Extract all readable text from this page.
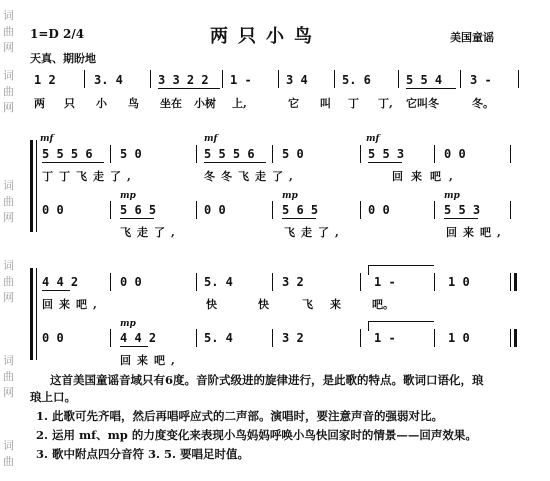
词
曲
网
词
曲
网
词
曲
网
词
曲
网
词
曲
网
词
曲
1=D 2/4	两只小鸟	美国童谣
天真、期盼地
1 2	3. 4	3 3 2 2 1 -	3 4	5. 6	5 5 4 3 -
两 只 小 鸟 坐在 小树 上,	它 叫 丁 丁, 它叫冬	冬。
mf	mf	mf
5 5 5 6 5 0	5 5 5 6 5 0	5 5 3	0 0
丁丁飞走了,	冬冬飞走了,	回来吧,
mp	mp	mp
0 0	5 6 5	0 0	5 6 5	0 0	5 5 3
飞走了,	飞走了,	回来吧,
4 4 2	0 0	5. 4	3 2	1 -	1 0
回来吧,	快	快	飞 来	吧。
mp
0 0	4 4 2	5. 4	3 2	1 -	1 0
回来吧,
这首美国童谣音域只有6度。音阶式级进的旋律进行，是此歌的特点。歌词口语化，琅
琅上口。
1. 此歌可先齐唱，然后再唱呼应式的二声部。演唱时，要注意声音的强弱对比。
2. 运用 mf、mp 的力度变化来表现小鸟妈妈呼唤小鸟快回家时的情景——回声效果。
3. 歌中附点四分音符 3. 5. 要唱足时值。
